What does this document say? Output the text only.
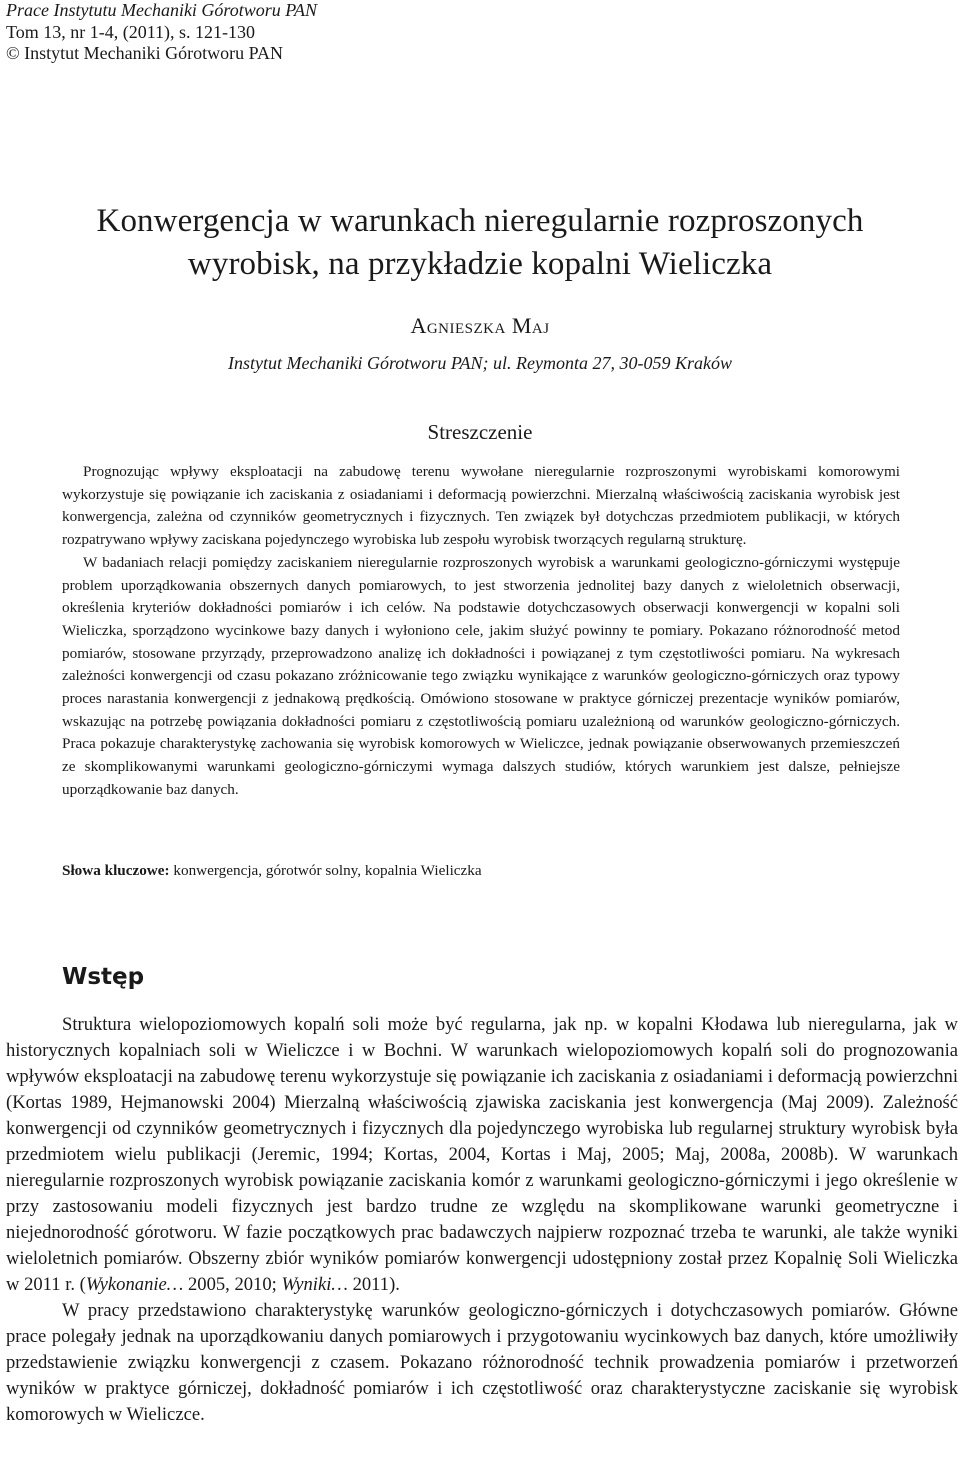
Prace Instytutu Mechaniki Górotworu PAN
Tom 13, nr 1-4, (2011), s. 121-130
© Instytut Mechaniki Górotworu PAN
Konwergencja w warunkach nieregularnie rozproszonych
wyrobisk, na przykładzie kopalni Wieliczka
Agnieszka Maj
Instytut Mechaniki Górotworu PAN; ul. Reymonta 27, 30-059 Kraków
Streszczenie

Prognozując wpływy eksploatacji na zabudowę terenu wywołane nieregularnie rozproszonymi wyrobiskami komorowymi wykorzystuje się powiązanie ich zaciskania z osiadaniami i deformacją powierzchni. Mierzalną właściwością zaciskania wyrobisk jest konwergencja, zależna od czynników geometrycznych i fizycznych. Ten związek był dotychczas przedmiotem publikacji, w których rozpatrywano wpływy zaciskana pojedynczego wyrobiska lub zespołu wyrobisk tworzących regularną strukturę.

W badaniach relacji pomiędzy zaciskaniem nieregularnie rozproszonych wyrobisk a warunkami geologiczno-górniczymi występuje problem uporządkowania obszernych danych pomiarowych, to jest stworzenia jednolitej bazy danych z wieloletnich obserwacji, określenia kryteriów dokładności pomiarów i ich celów. Na podstawie dotychczasowych obserwacji konwergencji w kopalni soli Wieliczka, sporządzono wycinkowe bazy danych i wyłoniono cele, jakim służyć powinny te pomiary. Pokazano różnorodność metod pomiarów, stosowane przyrządy, przeprowadzono analizę ich dokładności i powiązanej z tym częstotliwości pomiaru. Na wykresach zależności konwergencji od czasu pokazano zróżnicowanie tego związku wynikające z warunków geologiczno-górniczych oraz typowy proces narastania konwergencji z jednakową prędkością. Omówiono stosowane w praktyce górniczej prezentacje wyników pomiarów, wskazując na potrzebę powiązania dokładności pomiaru z częstotliwością pomiaru uzależnioną od warunków geologiczno-górniczych. Praca pokazuje charakterystykę zachowania się wyrobisk komorowych w Wieliczce, jednak powiązanie obserwowanych przemieszczeń ze skomplikowanymi warunkami geologiczno-górniczymi wymaga dalszych studiów, których warunkiem jest dalsze, pełniejsze uporządkowanie baz danych.

Słowa kluczowe: konwergencja, górotwór solny, kopalnia Wieliczka
Wstęp

Struktura wielopoziomowych kopalń soli może być regularna, jak np. w kopalni Kłodawa lub nieregularna, jak w historycznych kopalniach soli w Wieliczce i w Bochni. W warunkach wielopoziomowych kopalń soli do prognozowania wpływów eksploatacji na zabudowę terenu wykorzystuje się powiązanie ich zaciskania z osiadaniami i deformacją powierzchni (Kortas 1989, Hejmanowski 2004) Mierzalną właściwością zjawiska zaciskania jest konwergencja (Maj 2009). Zależność konwergencji od czynników geometrycznych i fizycznych dla pojedynczego wyrobiska lub regularnej struktury wyrobisk była przedmiotem wielu publikacji (Jeremic, 1994; Kortas, 2004, Kortas i Maj, 2005; Maj, 2008a, 2008b). W warunkach nieregularnie rozproszonych wyrobisk powiązanie zaciskania komór z warunkami geologiczno-górniczymi i jego określenie w przy zastosowaniu modeli fizycznych jest bardzo trudne ze względu na skomplikowane warunki geometryczne i niejednorodność górotworu. W fazie początkowych prac badawczych najpierw rozpoznać trzeba te warunki, ale także wyniki wieloletnich pomiarów. Obszerny zbiór wyników pomiarów konwergencji udostępniony został przez Kopalnię Soli Wieliczka w 2011 r. (Wykonanie… 2005, 2010; Wyniki… 2011).

W pracy przedstawiono charakterystykę warunków geologiczno-górniczych i dotychczasowych pomiarów. Główne prace polegały jednak na uporządkowaniu danych pomiarowych i przygotowaniu wycinkowych baz danych, które umożliwiły przedstawienie związku konwergencji z czasem. Pokazano różnorodność technik prowadzenia pomiarów i przetworzeń wyników w praktyce górniczej, dokładność pomiarów i ich częstotliwość oraz charakterystyczne zaciskanie się wyrobisk komorowych w Wieliczce.
